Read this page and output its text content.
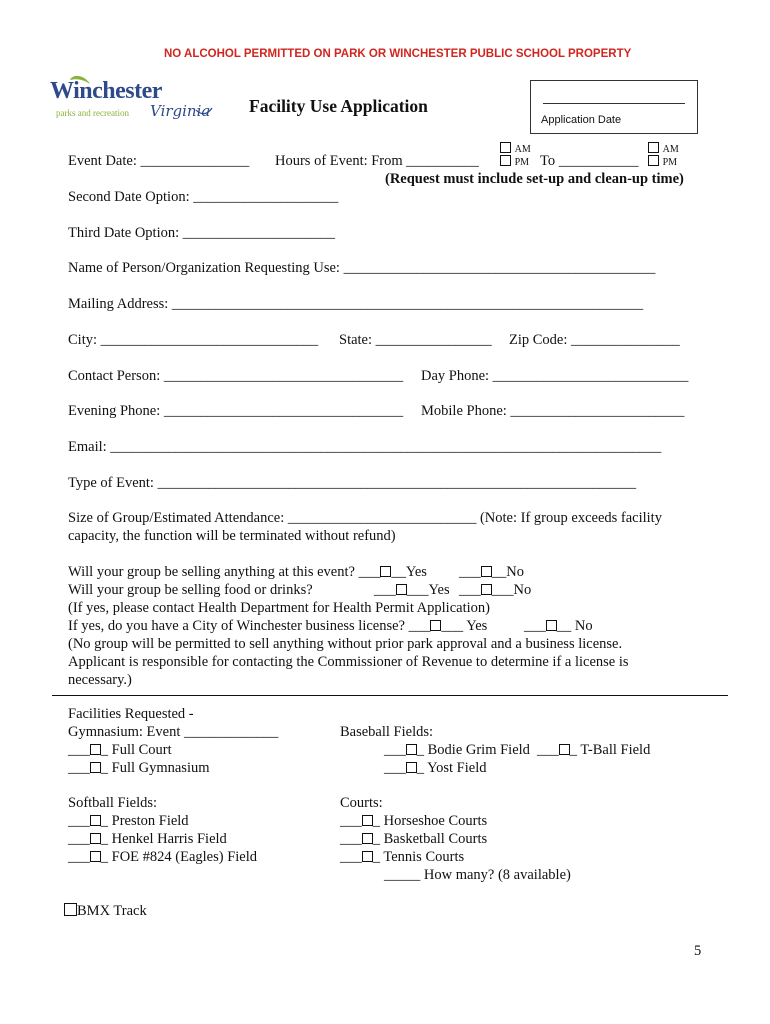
NO ALCOHOL PERMITTED ON PARK OR WINCHESTER PUBLIC SCHOOL PROPERTY
Winchester
parks and recreation Virginia Facility Use Application
Application Date
Event Date: _______________ Hours of Event: From __________
AM
PM To ___________
AM
PM
(Request must include set-up and clean-up time)
Second Date Option: ____________________
Third Date Option: _____________________
Name of Person/Organization Requesting Use: ___________________________________________
Mailing Address: _________________________________________________________________
City: ______________________________ State: ________________ Zip Code: _______________
Contact Person: _________________________________ Day Phone: ___________________________
Evening Phone: _________________________________ Mobile Phone: ________________________
Email: ____________________________________________________________________________
Type of Event: __________________________________________________________________
Size of Group/Estimated Attendance: __________________________ (Note: If group exceeds facility
capacity, the function will be terminated without refund)
Will your group be selling anything at this event? ___ __Yes ___ __No
Will your group be selling food or drinks?	___ ___Yes ___ ___No
(If yes, please contact Health Department for Health Permit Application)
If yes, do you have a City of Winchester business license? ___ ___ Yes	___ __ No
(No group will be permitted to sell anything without prior park approval and a business license.
Applicant is responsible for contacting the Commissioner of Revenue to determine if a license is
necessary.)
Facilities Requested -
Gymnasium: Event _____________
___ _ Full Court
___ _ Full Gymnasium
Baseball Fields:
___ _ Bodie Grim Field ___ _ T-Ball Field
___ _ Yost Field
Softball Fields:
___ _ Preston Field
___ _ Henkel Harris Field
___ _ FOE #824 (Eagles) Field
Courts:
___ _ Horseshoe Courts
___ _ Basketball Courts
___ _ Tennis Courts
_____ How many? (8 available)
BMX Track
5
